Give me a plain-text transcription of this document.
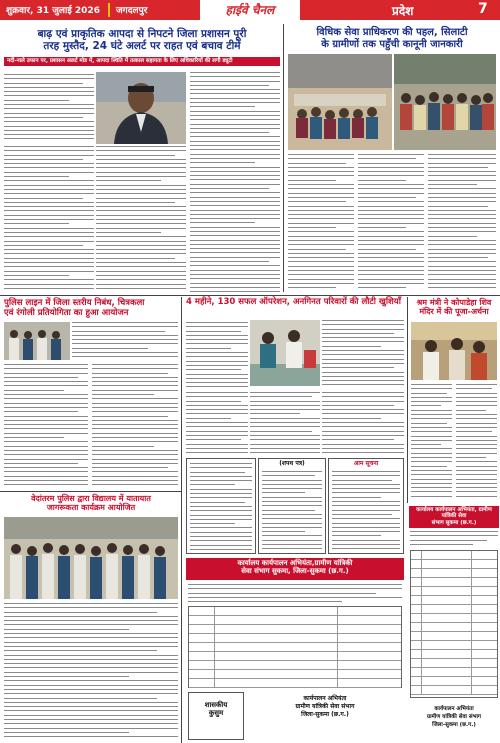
शुक्रवार, 31 जुलाई 2026 जगदलपुर	हाईवे चैनल	प्रदेश	7
बाढ़ एवं प्राकृतिक आपदा से निपटने जिला प्रशासन पूरी
तरह मुस्तैद, 24 घंटे अलर्ट पर राहत एवं बचाव टीमें
नदी-नाले उफान पर, प्रशासन अलर्ट मोड में, आपदा स्थिति में तत्काल सहायता के लिए अधिकारियों की लगी ड्यूटी
विधिक सेवा प्राधिकरण की पहल, सिलाटी
के ग्रामीणों तक पहुँची कानूनी जानकारी
पुलिस लाइन में जिला स्तरीय निबंध, चित्रकला
एवं रंगोली प्रतियोगिता का हुआ आयोजन
4 महीने, 130 सफल ऑपरेशन, अनगिनत परिवारों की लौटी खुशियाँ	श्रम मंत्री ने कोपाडेहा शिव
मंदिर में की पूजा-अर्चना
वेदांतरम पुलिस द्वारा विद्यालय में यातायात
जागरूकता कार्यक्रम आयोजित
(शपथ पत्र)	आम सूचना
कार्यालय कार्यपालन अभियंता,ग्रामीण यांत्रिकी
सेवा संभाग सुकमा, जिला-सुकमा (छ.ग.)
शासकीय
कुसुम
कार्यपालन अभियंता
ग्रामीण यांत्रिकी सेवा संभाग
जिला-सुकमा (छ.ग.)
कार्यालय कार्यपालन अभियंता, ग्रामीण यांत्रिकी सेवा
संभाग सुकमा (छ.ग.)
कार्यपालन अभियंता
ग्रामीण यांत्रिकी सेवा संभाग
जिला-सुकमा (छ.ग.)
